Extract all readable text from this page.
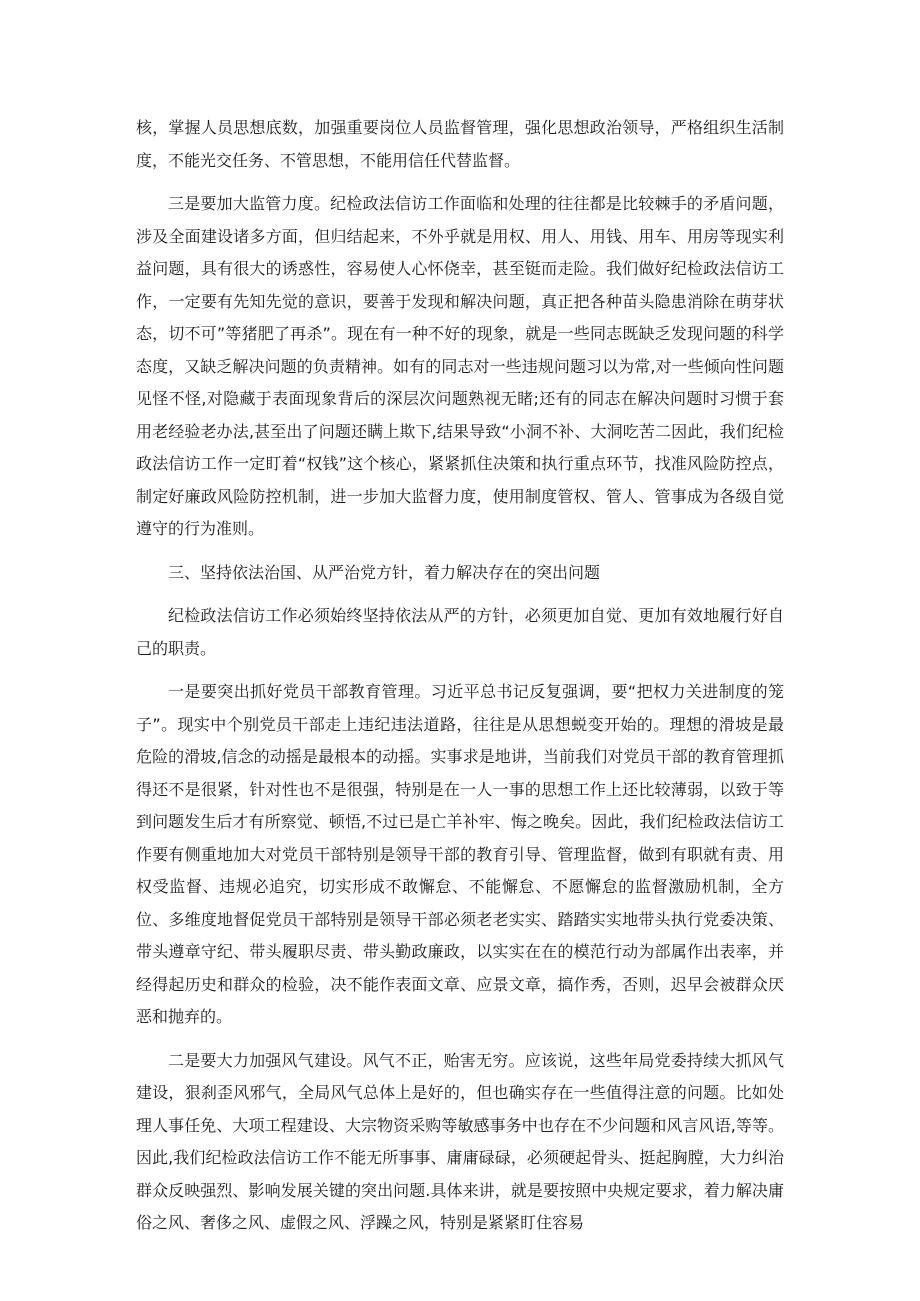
核，掌握人员思想底数，加强重要岗位人员监督管理，强化思想政治领导，严格组织生活制度，不能光交任务、不管思想，不能用信任代替监督。

三是要加大监管力度。纪检政法信访工作面临和处理的往往都是比较棘手的矛盾问题，涉及全面建设诸多方面，但归结起来，不外乎就是用权、用人、用钱、用车、用房等现实利益问题，具有很大的诱惑性，容易使人心怀侥幸，甚至铤而走险。我们做好纪检政法信访工作，一定要有先知先觉的意识，要善于发现和解决问题，真正把各种苗头隐患消除在萌芽状态，切不可”等猪肥了再杀”。现在有一种不好的现象，就是一些同志既缺乏发现问题的科学态度，又缺乏解决问题的负责精神。如有的同志对一些违规问题习以为常,对一些倾向性问题见怪不怪,对隐藏于表面现象背后的深层次问题熟视无睹;还有的同志在解决问题时习惯于套用老经验老办法,甚至出了问题还瞒上欺下,结果导致“小洞不补、大洞吃苦二因此，我们纪检政法信访工作一定盯着“权钱”这个核心，紧紧抓住决策和执行重点环节，找准风险防控点，制定好廉政风险防控机制，进一步加大监督力度，使用制度管权、管人、管事成为各级自觉遵守的行为准则。

三、坚持依法治国、从严治党方针，着力解决存在的突出问题

纪检政法信访工作必须始终坚持依法从严的方针，必须更加自觉、更加有效地履行好自己的职责。

一是要突出抓好党员干部教育管理。习近平总书记反复强调，要“把权力关进制度的笼子”。现实中个别党员干部走上违纪违法道路，往往是从思想蜕变开始的。理想的滑坡是最危险的滑坡,信念的动摇是最根本的动摇。实事求是地讲，当前我们对党员干部的教育管理抓得还不是很紧，针对性也不是很强，特别是在一人一事的思想工作上还比较薄弱，以致于等到问题发生后才有所察觉、顿悟,不过已是亡羊补牢、悔之晚矣。因此，我们纪检政法信访工作要有侧重地加大对党员干部特别是领导干部的教育引导、管理监督，做到有职就有责、用权受监督、违规必追究，切实形成不敢懈怠、不能懈怠、不愿懈怠的监督激励机制，全方位、多维度地督促党员干部特别是领导干部必须老老实实、踏踏实实地带头执行党委决策、带头遵章守纪、带头履职尽责、带头勤政廉政，以实实在在的模范行动为部属作出表率，并经得起历史和群众的检验，决不能作表面文章、应景文章，搞作秀，否则，迟早会被群众厌恶和抛弃的。

二是要大力加强风气建设。风气不正，贻害无穷。应该说，这些年局党委持续大抓风气建设，狠刹歪风邪气，全局风气总体上是好的，但也确实存在一些值得注意的问题。比如处理人事任免、大项工程建设、大宗物资采购等敏感事务中也存在不少问题和风言风语,等等。因此,我们纪检政法信访工作不能无所事事、庸庸碌碌，必须硬起骨头、挺起胸膛，大力纠治群众反映强烈、影响发展关键的突出问题.具体来讲，就是要按照中央规定要求，着力解决庸俗之风、奢侈之风、虚假之风、浮躁之风，特别是紧紧盯住容易
